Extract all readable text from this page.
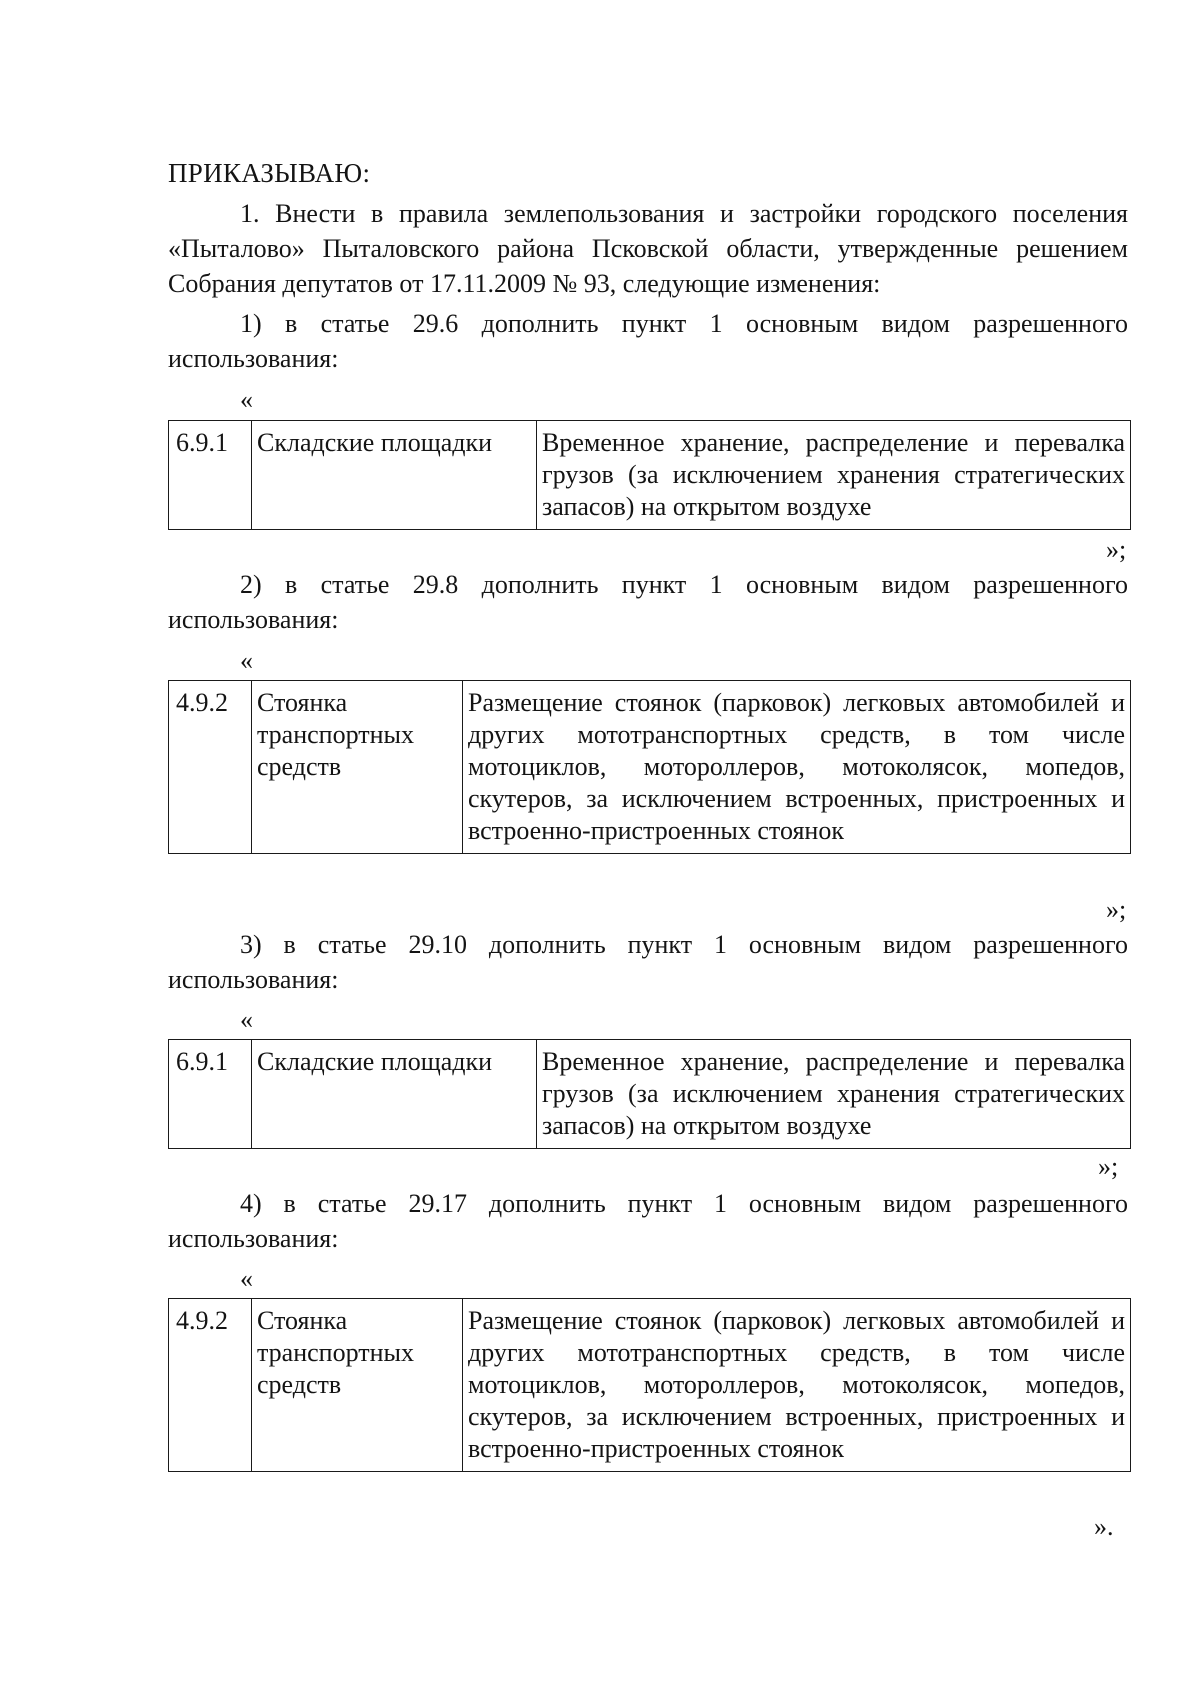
ПРИКАЗЫВАЮ:
1. Внести в правила землепользования и застройки городского поселения «Пыталово» Пыталовского района Псковской области, утвержденные решением Собрания депутатов от 17.11.2009 № 93, следующие изменения:
1) в статье 29.6 дополнить пункт 1 основным видом разрешенного использования:
«
6.9.1	Складские площадки	Временное хранение, распределение и перевалка грузов (за исключением хранения стратегических запасов) на открытом воздухе
»;
2) в статье 29.8 дополнить пункт 1 основным видом разрешенного использования:
«
4.9.2	Стоянка транспортных средств	Размещение стоянок (парковок) легковых автомобилей и других мототранспортных средств, в том числе мотоциклов, мотороллеров, мотоколясок, мопедов, скутеров, за исключением встроенных, пристроенных и встроенно-пристроенных стоянок
»;
3) в статье 29.10 дополнить пункт 1 основным видом разрешенного использования:
«
6.9.1	Складские площадки	Временное хранение, распределение и перевалка грузов (за исключением хранения стратегических запасов) на открытом воздухе
»;
4) в статье 29.17 дополнить пункт 1 основным видом разрешенного использования:
«
4.9.2	Стоянка транспортных средств	Размещение стоянок (парковок) легковых автомобилей и других мототранспортных средств, в том числе мотоциклов, мотороллеров, мотоколясок, мопедов, скутеров, за исключением встроенных, пристроенных и встроенно-пристроенных стоянок
».
